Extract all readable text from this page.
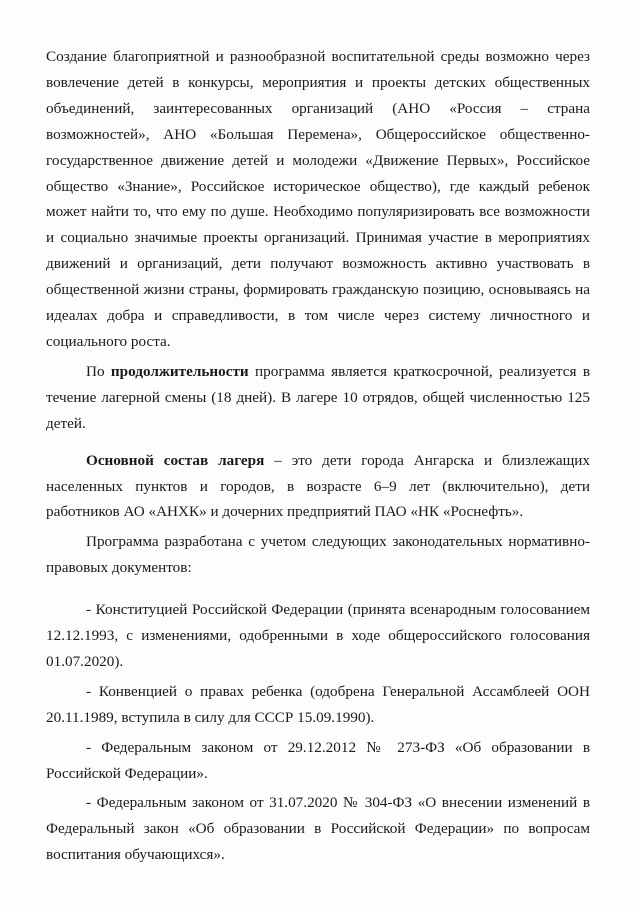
Создание благоприятной и разнообразной воспитательной среды возможно через вовлечение детей в конкурсы, мероприятия и проекты детских общественных объединений, заинтересованных организаций (АНО «Россия – страна возможностей», АНО «Большая Перемена», Общероссийское общественно-государственное движение детей и молодежи «Движение Первых», Российское общество «Знание», Российское историческое общество), где каждый ребенок может найти то, что ему по душе. Необходимо популяризировать все возможности и социально значимые проекты организаций. Принимая участие в мероприятиях движений и организаций, дети получают возможность активно участвовать в общественной жизни страны, формировать гражданскую позицию, основываясь на идеалах добра и справедливости, в том числе через систему личностного и социального роста.

По продолжительности программа является краткосрочной, реализуется в течение лагерной смены (18 дней). В лагере 10 отрядов, общей численностью 125 детей.

Основной состав лагеря – это дети города Ангарска и близлежащих населенных пунктов и городов, в возрасте 6–9 лет (включительно), дети работников АО «АНХК» и дочерних предприятий ПАО «НК «Роснефть».

Программа разработана с учетом следующих законодательных нормативно-правовых документов:

- Конституцией Российской Федерации (принята всенародным голосованием 12.12.1993, с изменениями, одобренными в ходе общероссийского голосования 01.07.2020).

- Конвенцией о правах ребенка (одобрена Генеральной Ассамблеей ООН 20.11.1989, вступила в силу для СССР 15.09.1990).

- Федеральным законом от 29.12.2012 № 273-ФЗ «Об образовании в Российской Федерации».

- Федеральным законом от 31.07.2020 № 304-ФЗ «О внесении изменений в Федеральный закон «Об образовании в Российской Федерации» по вопросам воспитания обучающихся».
